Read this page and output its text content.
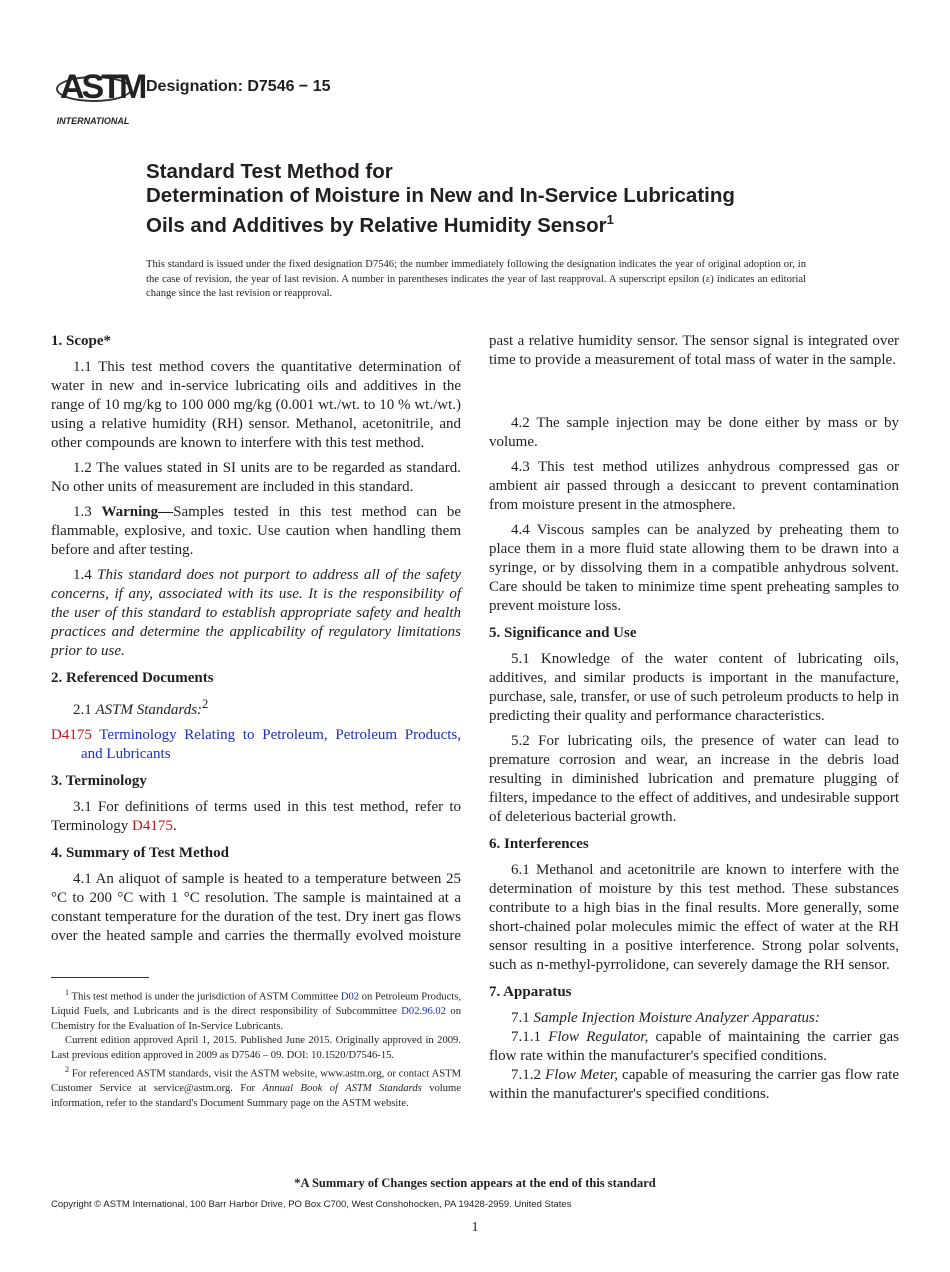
ASTM
INTERNATIONAL
Designation: D7546 − 15
Standard Test Method for
Determination of Moisture in New and In-Service Lubricating
Oils and Additives by Relative Humidity Sensor$^1$
This standard is issued under the fixed designation D7546; the number immediately following the designation indicates the year of original adoption or, in the case of revision, the year of last revision. A number in parentheses indicates the year of last reapproval. A superscript epsilon (ε) indicates an editorial change since the last revision or reapproval.
1. Scope*

1.1 This test method covers the quantitative determination of water in new and in-service lubricating oils and additives in the range of 10 mg/kg to 100 000 mg/kg (0.001 wt./wt. to 10 % wt./wt.) using a relative humidity (RH) sensor. Methanol, acetonitrile, and other compounds are known to interfere with this test method.

1.2 The values stated in SI units are to be regarded as standard. No other units of measurement are included in this standard.

1.3 Warning—Samples tested in this test method can be flammable, explosive, and toxic. Use caution when handling them before and after testing.

1.4 This standard does not purport to address all of the safety concerns, if any, associated with its use. It is the responsibility of the user of this standard to establish appropriate safety and health practices and determine the applicability of regulatory limitations prior to use.

2. Referenced Documents

2.1 ASTM Standards:$^2$

D4175 Terminology Relating to Petroleum, Petroleum Products, and Lubricants
3. Terminology

3.1 For definitions of terms used in this test method, refer to Terminology D4175.

4. Summary of Test Method

4.1 An aliquot of sample is heated to a temperature between 25 °C to 200 °C with 1 °C resolution. The sample is maintained at a constant temperature for the duration of the test. Dry inert gas flows over the heated sample and carries the thermally evolved moisture

$^1$ This test method is under the jurisdiction of ASTM Committee D02 on Petroleum Products, Liquid Fuels, and Lubricants and is the direct responsibility of Subcommittee D02.96.02 on Chemistry for the Evaluation of In-Service Lubricants.

Current edition approved April 1, 2015. Published June 2015. Originally approved in 2009. Last previous edition approved in 2009 as D7546 – 09. DOI: 10.1520/D7546-15.

$^2$ For referenced ASTM standards, visit the ASTM website, www.astm.org, or contact ASTM Customer Service at service@astm.org. For Annual Book of ASTM Standards volume information, refer to the standard's Document Summary page on the ASTM website.

past a relative humidity sensor. The sensor signal is integrated over time to provide a measurement of total mass of water in the sample.

4.2 The sample injection may be done either by mass or by volume.

4.3 This test method utilizes anhydrous compressed gas or ambient air passed through a desiccant to prevent contamination from moisture present in the atmosphere.

4.4 Viscous samples can be analyzed by preheating them to place them in a more fluid state allowing them to be drawn into a syringe, or by dissolving them in a compatible anhydrous solvent. Care should be taken to minimize time spent preheating samples to prevent moisture loss.

5. Significance and Use

5.1 Knowledge of the water content of lubricating oils, additives, and similar products is important in the manufacture, purchase, sale, transfer, or use of such petroleum products to help in predicting their quality and performance characteristics.

5.2 For lubricating oils, the presence of water can lead to premature corrosion and wear, an increase in the debris load resulting in diminished lubrication and premature plugging of filters, impedance to the effect of additives, and undesirable support of deleterious bacterial growth.

6. Interferences

6.1 Methanol and acetonitrile are known to interfere with the determination of moisture by this test method. These substances contribute to a high bias in the final results. More generally, some short-chained polar molecules mimic the effect of water at the RH sensor resulting in a positive interference. Strong polar solvents, such as n-methyl-pyrrolidone, can severely damage the RH sensor.

7. Apparatus

7.1 Sample Injection Moisture Analyzer Apparatus:

7.1.1 Flow Regulator, capable of maintaining the carrier gas flow rate within the manufacturer's specified conditions.

7.1.2 Flow Meter, capable of measuring the carrier gas flow rate within the manufacturer's specified conditions.

*A Summary of Changes section appears at the end of this standard
Copyright © ASTM International, 100 Barr Harbor Drive, PO Box C700, West Conshohocken, PA 19428-2959. United States
1
